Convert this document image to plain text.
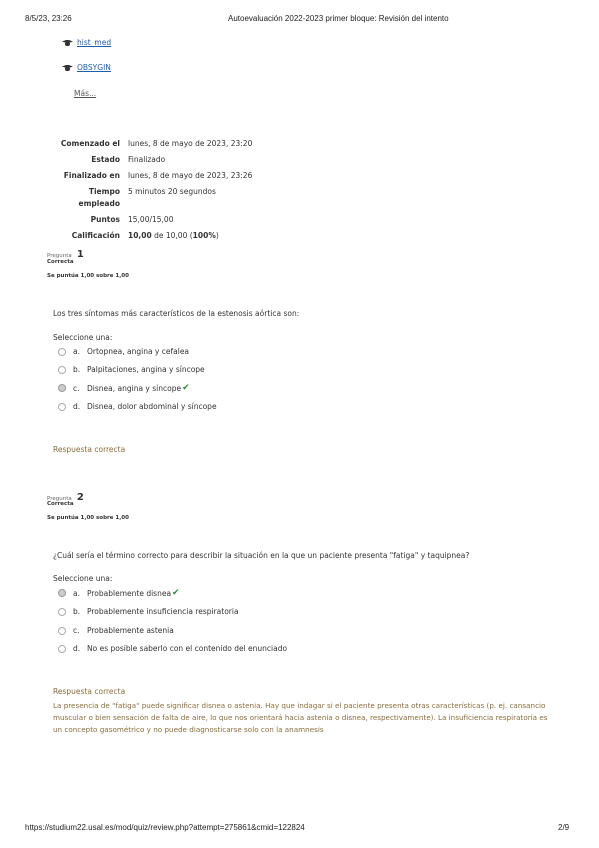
8/5/23, 23:26	Autoevaluación 2022-2023 primer bloque: Revisión del intento
hist_med
OBSYGIN
Más...
Comenzado el	lunes, 8 de mayo de 2023, 23:20
Estado	Finalizado
Finalizado en	lunes, 8 de mayo de 2023, 23:26
Tiempo empleado	5 minutos 20 segundos
Puntos	15,00/15,00
Calificación	10,00 de 10,00 (100%)
Pregunta 1
Correcta
Se puntúa 1,00 sobre 1,00
Los tres síntomas más característicos de la estenosis aórtica son:
Seleccione una:
a. Ortopnea, angina y cefalea
b. Palpitaciones, angina y síncope
c. Disnea, angina y síncope ✔
d. Disnea, dolor abdominal y síncope
Respuesta correcta
Pregunta 2
Correcta
Se puntúa 1,00 sobre 1,00
¿Cuál sería el término correcto para describir la situación en la que un paciente presenta "fatiga" y taquipnea?
Seleccione una:
a. Probablemente disnea ✔
b. Probablemente insuficiencia respiratoria
c. Probablemente astenia
d. No es posible saberlo con el contenido del enunciado
Respuesta correcta
La presencia de "fatiga" puede significar disnea o astenia. Hay que indagar si el paciente presenta otras características (p. ej. cansancio muscular o bien sensación de falta de aire, lo que nos orientará hacia astenia o disnea, respectivamente). La insuficiencia respiratoria es un concepto gasométrico y no puede diagnosticarse solo con la anamnesis
https://studium22.usal.es/mod/quiz/review.php?attempt=275861&cmid=122824	2/9
